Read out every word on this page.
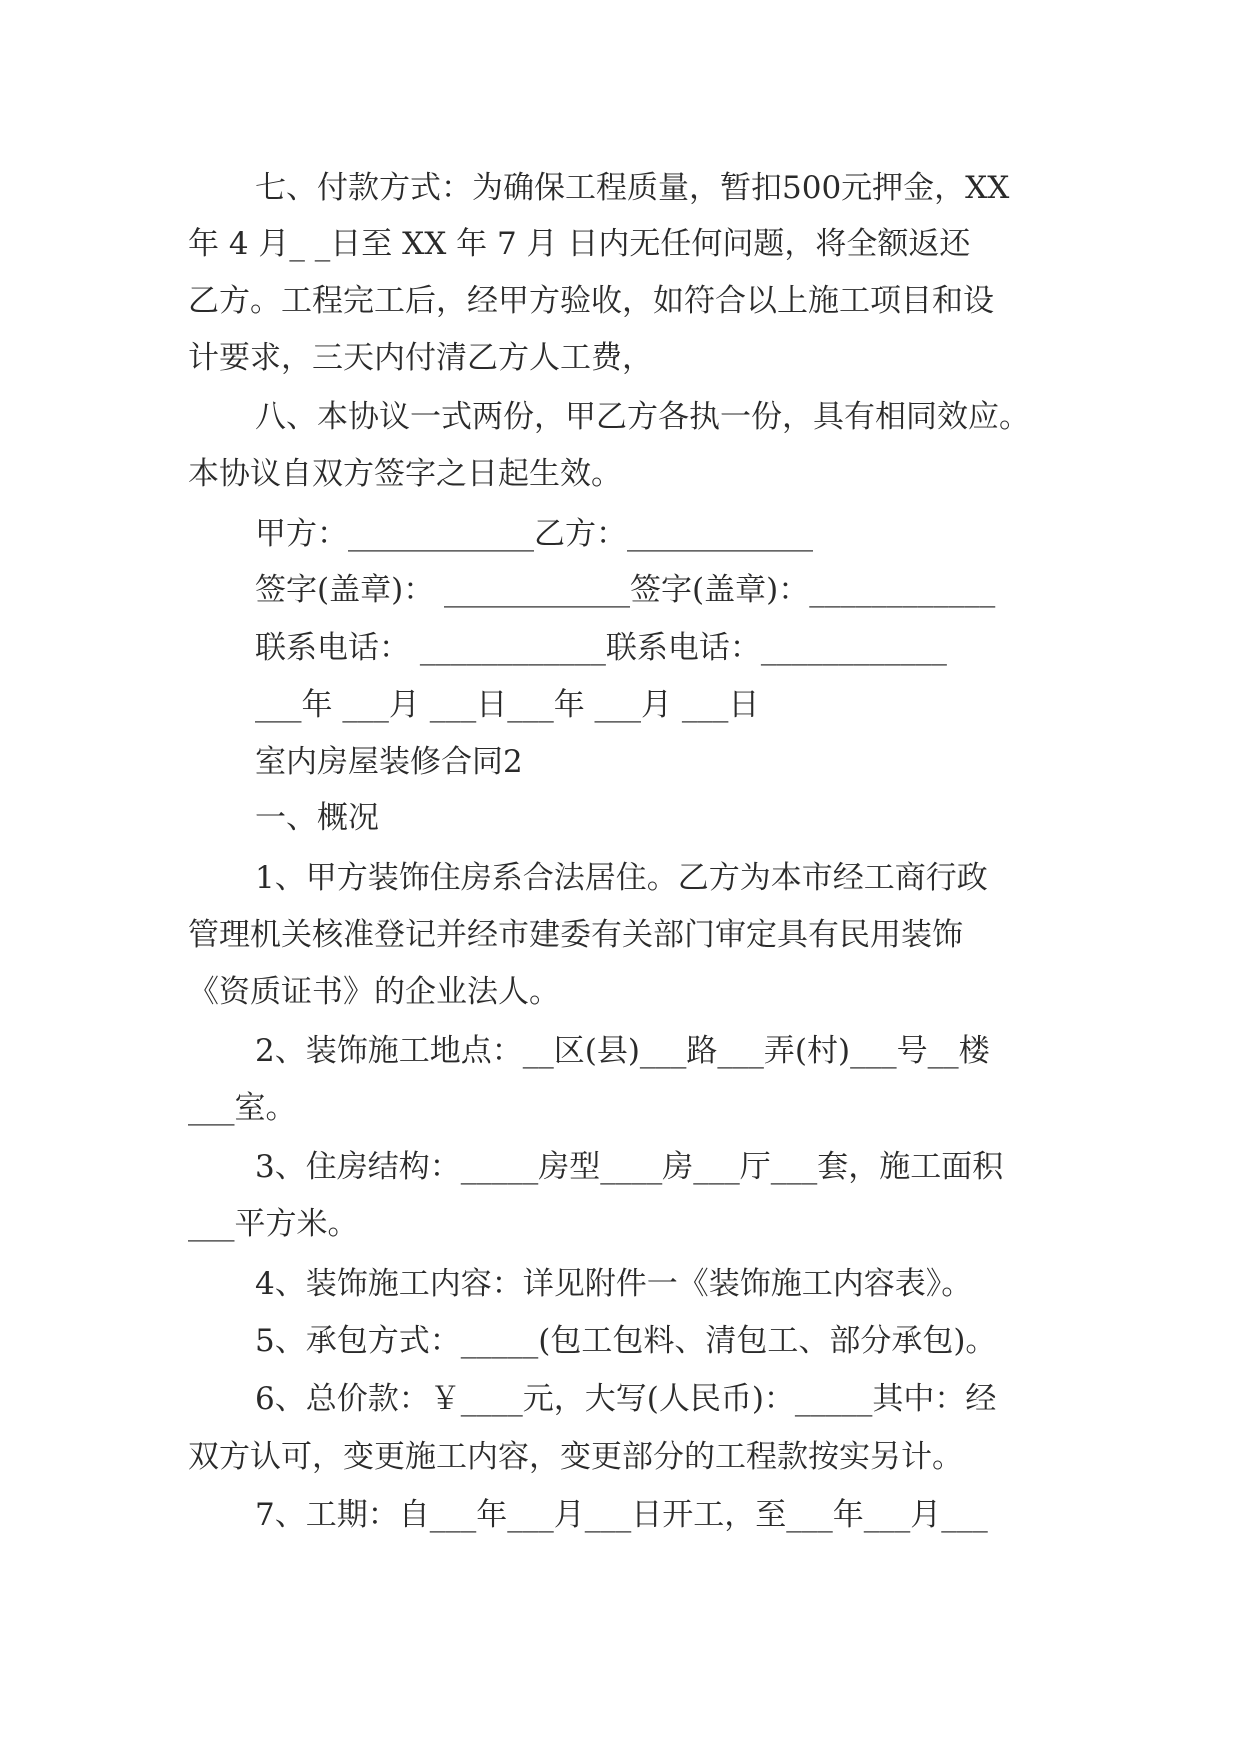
七、付款方式：为确保工程质量，暂扣500元押金，XX
年 4 月_ _日至 XX 年 7 月 日内无任何问题，将全额返还
乙方。工程完工后，经甲方验收，如符合以上施工项目和设
计要求，三天内付清乙方人工费，
八、本协议一式两份，甲乙方各执一份，具有相同效应。
本协议自双方签字之日起生效。
甲方：____________乙方：____________
签字(盖章)： ____________签字(盖章)：____________
联系电话： ____________联系电话：____________
___年 ___月 ___日___年 ___月 ___日
室内房屋装修合同2
一、概况
1、甲方装饰住房系合法居住。乙方为本市经工商行政
管理机关核准登记并经市建委有关部门审定具有民用装饰
《资质证书》的企业法人。
2、装饰施工地点：__区(县)___路___弄(村)___号__楼
___室。
3、住房结构：_____房型____房___厅___套，施工面积
___平方米。
4、装饰施工内容：详见附件一《装饰施工内容表》。
5、承包方式：_____(包工包料、清包工、部分承包)。
6、总价款：￥____元，大写(人民币)：_____其中：经
双方认可，变更施工内容，变更部分的工程款按实另计。
7、工期：自___年___月___日开工，至___年___月___
